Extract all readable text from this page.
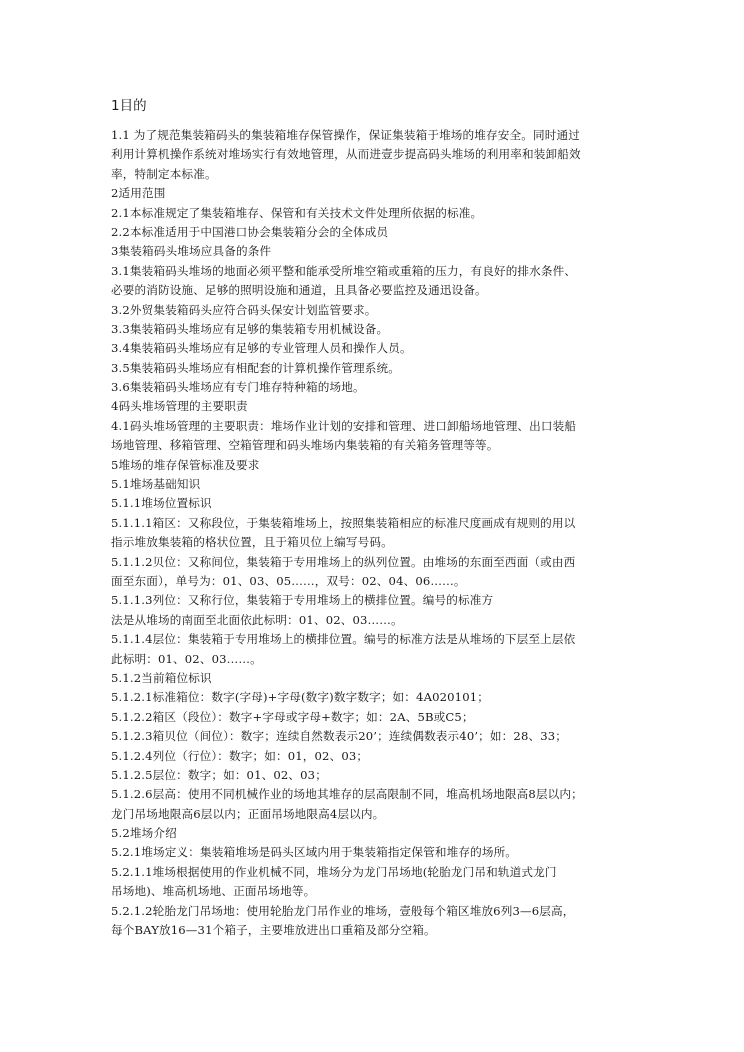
1目的
1.1 为了规范集装箱码头的集装箱堆存保管操作，保证集装箱于堆场的堆存安全。同时通过
利用计算机操作系统对堆场实行有效地管理，从而进壹步提高码头堆场的利用率和装卸船效
率，特制定本标准。
2适用范围
2.1本标准规定了集装箱堆存、保管和有关技术文件处理所依据的标准。
2.2本标准适用于中国港口协会集装箱分会的全体成员
3集装箱码头堆场应具备的条件
3.1集装箱码头堆场的地面必须平整和能承受所堆空箱或重箱的压力，有良好的排水条件、
必要的消防设施、足够的照明设施和通道，且具备必要监控及通迅设备。
3.2外贸集装箱码头应符合码头保安计划监管要求。
3.3集装箱码头堆场应有足够的集装箱专用机械设备。
3.4集装箱码头堆场应有足够的专业管理人员和操作人员。
3.5集装箱码头堆场应有相配套的计算机操作管理系统。
3.6集装箱码头堆场应有专门堆存特种箱的场地。
4码头堆场管理的主要职责
4.1码头堆场管理的主要职责：堆场作业计划的安排和管理、进口卸船场地管理、出口装船
场地管理、移箱管理、空箱管理和码头堆场内集装箱的有关箱务管理等等。
5堆场的堆存保管标准及要求
5.1堆场基础知识
5.1.1堆场位置标识
5.1.1.1箱区：又称段位，于集装箱堆场上，按照集装箱相应的标准尺度画成有规则的用以
指示堆放集装箱的格状位置，且于箱贝位上编写号码。
5.1.1.2贝位：又称间位，集装箱于专用堆场上的纵列位置。由堆场的东面至西面（或由西
面至东面），单号为：01、03、05……，双号：02、04、06……。
5.1.1.3列位：又称行位，集装箱于专用堆场上的横排位置。编号的标准方
法是从堆场的南面至北面依此标明：01、02、03……。
5.1.1.4层位：集装箱于专用堆场上的横排位置。编号的标准方法是从堆场的下层至上层依
此标明：01、02、03……。
5.1.2当前箱位标识
5.1.2.1标准箱位：数字(字母)+字母(数字)数字数字；如：4A020101；
5.1.2.2箱区（段位）：数字+字母或字母+数字；如：2A、5B或C5；
5.1.2.3箱贝位（间位）：数字；连续自然数表示20’；连续偶数表示40’；如：28、33；
5.1.2.4列位（行位）：数字；如：01，02、03；
5.1.2.5层位：数字；如：01、02、03；
5.1.2.6层高：使用不同机械作业的场地其堆存的层高限制不同，堆高机场地限高8层以内；
龙门吊场地限高6层以内；正面吊场地限高4层以内。
5.2堆场介绍
5.2.1堆场定义：集装箱堆场是码头区域内用于集装箱指定保管和堆存的场所。
5.2.1.1堆场根据使用的作业机械不同，堆场分为龙门吊场地(轮胎龙门吊和轨道式龙门
吊场地)、堆高机场地、正面吊场地等。
5.2.1.2轮胎龙门吊场地：使用轮胎龙门吊作业的堆场，壹般每个箱区堆放6列3—6层高，
每个BAY放16—31个箱子，主要堆放进出口重箱及部分空箱。
